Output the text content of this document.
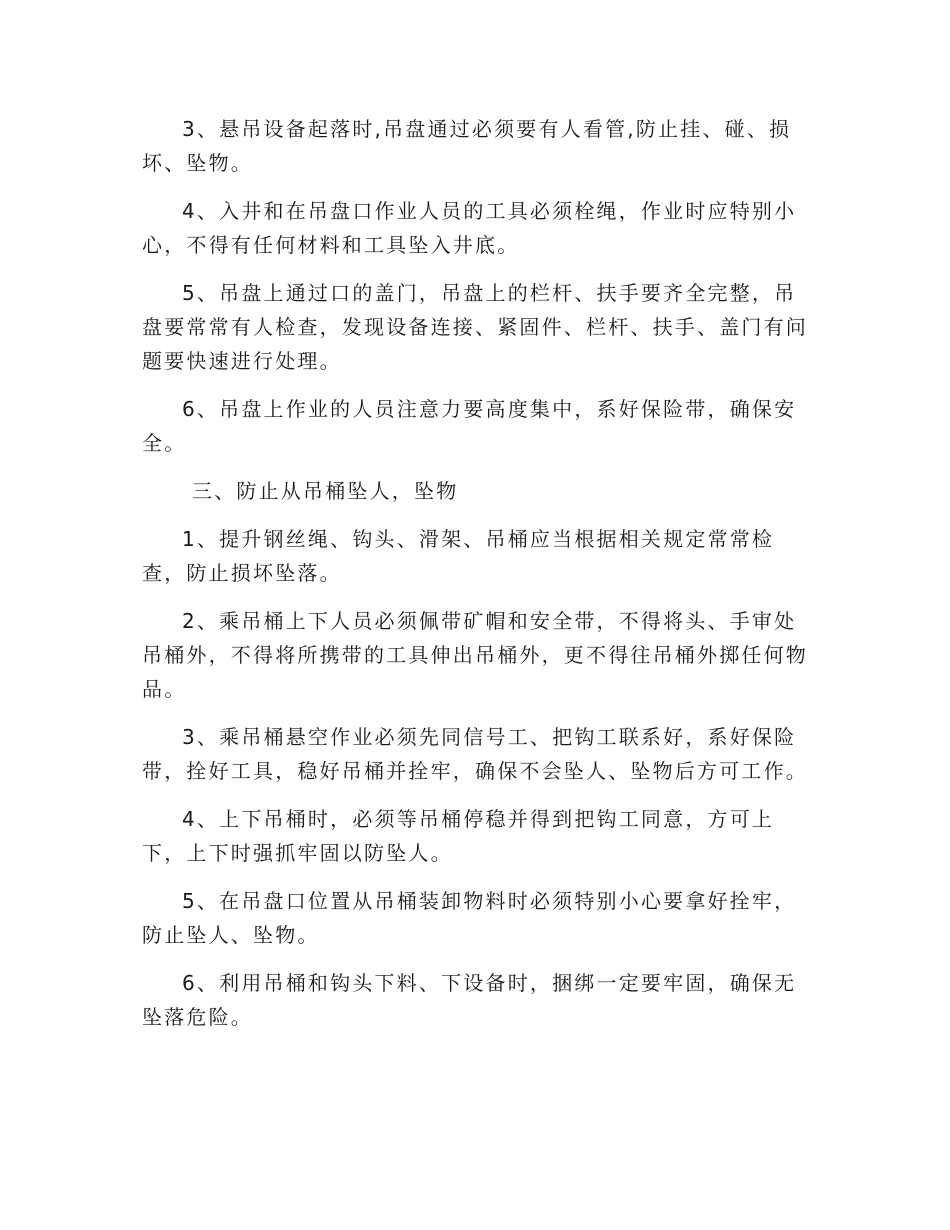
3、悬吊设备起落时,吊盘通过必须要有人看管,防止挂、碰、损坏、坠物。

4、入井和在吊盘口作业人员的工具必须栓绳，作业时应特别小心，不得有任何材料和工具坠入井底。

5、吊盘上通过口的盖门，吊盘上的栏杆、扶手要齐全完整，吊盘要常常有人检查，发现设备连接、紧固件、栏杆、扶手、盖门有问题要快速进行处理。

6、吊盘上作业的人员注意力要高度集中，系好保险带，确保安全。

三、防止从吊桶坠人，坠物

1、提升钢丝绳、钩头、滑架、吊桶应当根据相关规定常常检查，防止损坏坠落。

2、乘吊桶上下人员必须佩带矿帽和安全带，不得将头、手审处吊桶外，不得将所携带的工具伸出吊桶外，更不得往吊桶外掷任何物品。

3、乘吊桶悬空作业必须先同信号工、把钩工联系好，系好保险带，拴好工具，稳好吊桶并拴牢，确保不会坠人、坠物后方可工作。

4、上下吊桶时，必须等吊桶停稳并得到把钩工同意，方可上下，上下时强抓牢固以防坠人。

5、在吊盘口位置从吊桶装卸物料时必须特别小心要拿好拴牢，防止坠人、坠物。

6、利用吊桶和钩头下料、下设备时，捆绑一定要牢固，确保无坠落危险。
